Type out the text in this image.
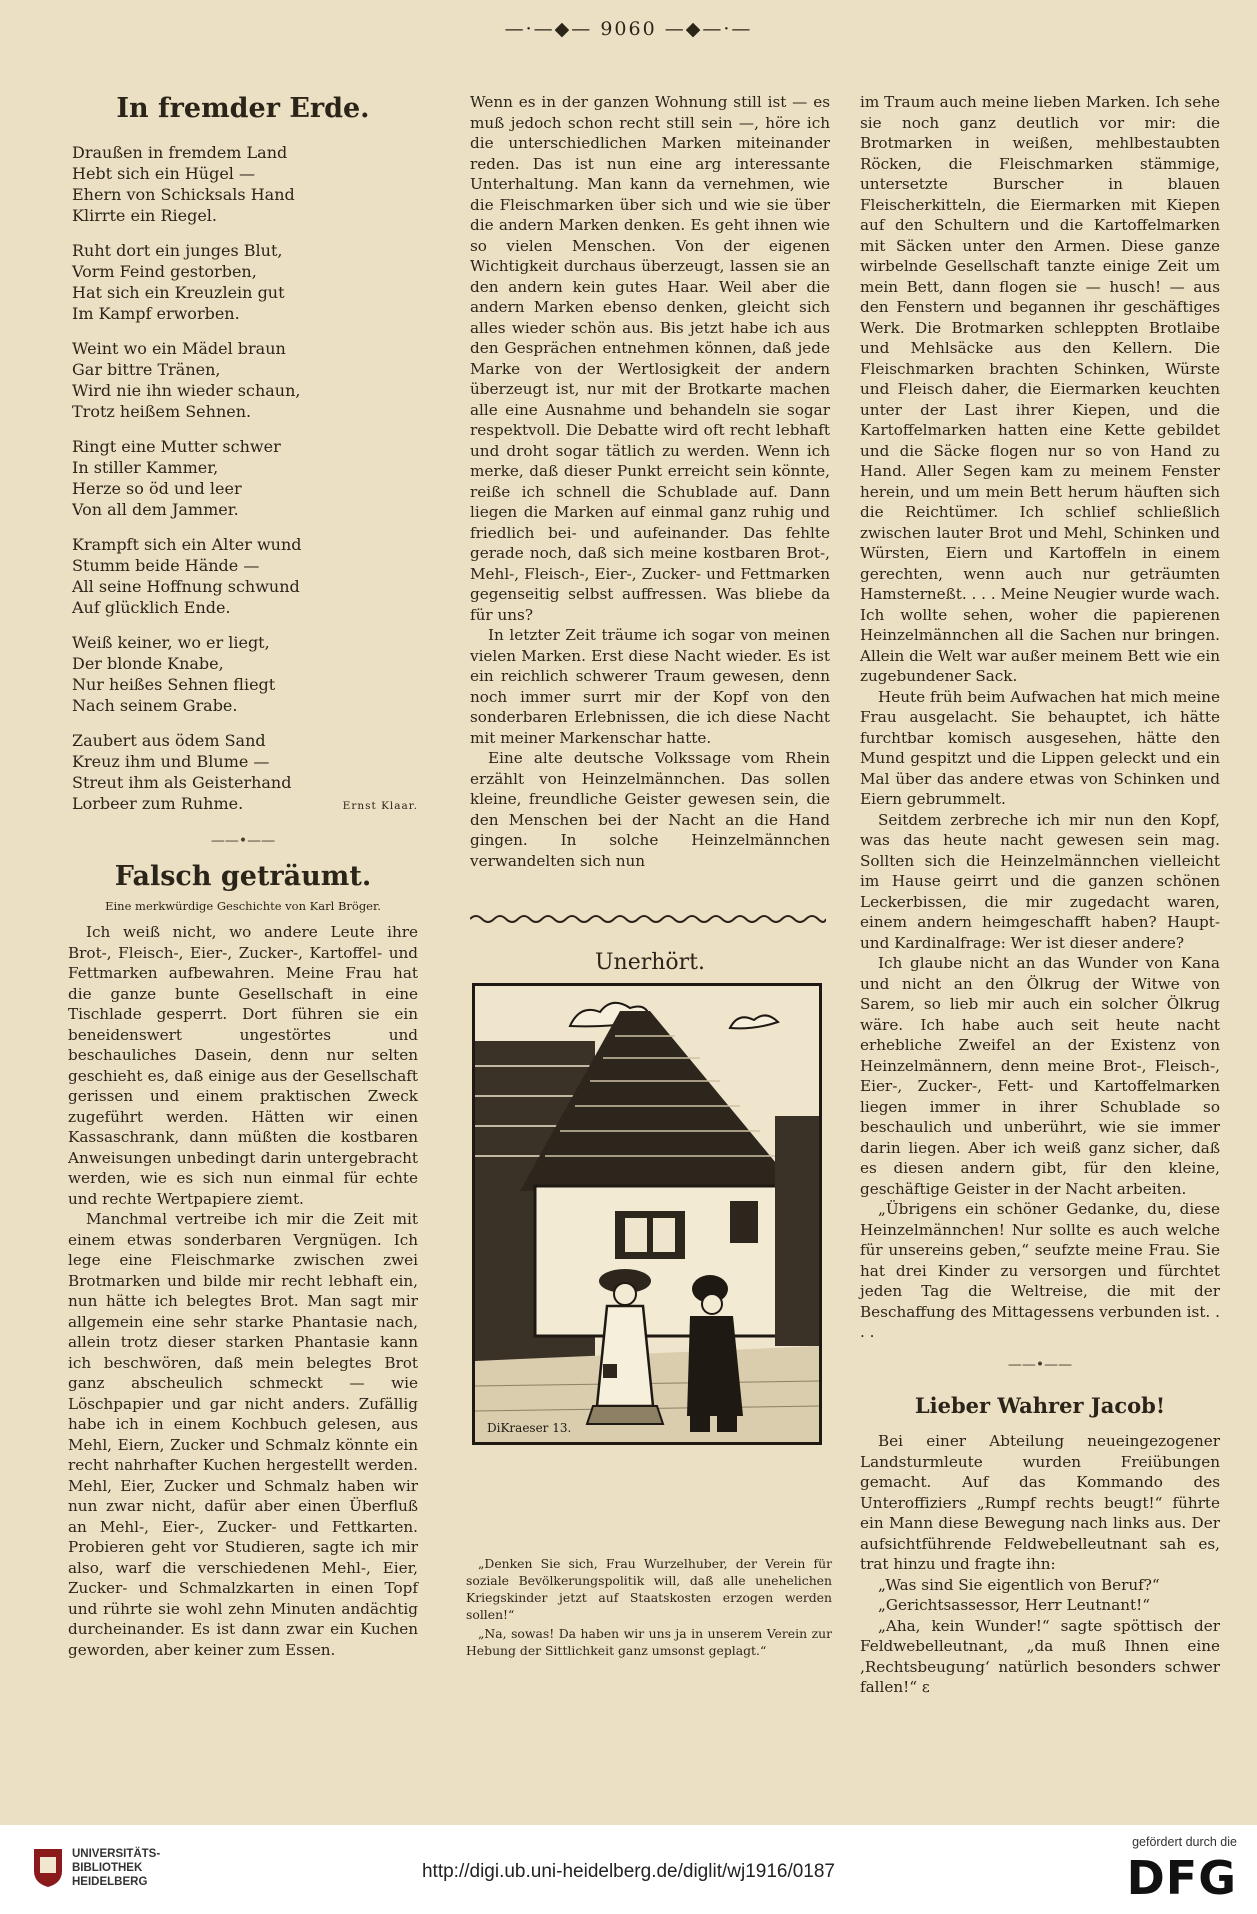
—·—◆— 9060 —◆—·—
In fremder Erde.
Draußen in fremdem Land
Hebt sich ein Hügel —
Ehern von Schicksals Hand
Klirrte ein Riegel.
Ruht dort ein junges Blut,
Vorm Feind gestorben,
Hat sich ein Kreuzlein gut
Im Kampf erworben.
Weint wo ein Mädel braun
Gar bittre Tränen,
Wird nie ihn wieder schaun,
Trotz heißem Sehnen.
Ringt eine Mutter schwer
In stiller Kammer,
Herze so öd und leer
Von all dem Jammer.
Krampft sich ein Alter wund
Stumm beide Hände —
All seine Hoffnung schwund
Auf glücklich Ende.
Weiß keiner, wo er liegt,
Der blonde Knabe,
Nur heißes Sehnen fliegt
Nach seinem Grabe.
Zaubert aus ödem Sand
Kreuz ihm und Blume —
Streut ihm als Geisterhand
Lorbeer zum Ruhme.	Ernst Klaar.
——•——
Falsch geträumt.
Eine merkwürdige Geschichte von Karl Bröger.

Ich weiß nicht, wo andere Leute ihre Brot-, Fleisch-, Eier-, Zucker-, Kartoffel- und Fettmarken aufbewahren. Meine Frau hat die ganze bunte Gesellschaft in eine Tischlade gesperrt. Dort führen sie ein beneidenswert ungestörtes und beschauliches Dasein, denn nur selten geschieht es, daß einige aus der Gesellschaft gerissen und einem praktischen Zweck zugeführt werden. Hätten wir einen Kassaschrank, dann müßten die kostbaren Anweisungen unbedingt darin untergebracht werden, wie es sich nun einmal für echte und rechte Wertpapiere ziemt.

Manchmal vertreibe ich mir die Zeit mit einem etwas sonderbaren Vergnügen. Ich lege eine Fleischmarke zwischen zwei Brotmarken und bilde mir recht lebhaft ein, nun hätte ich belegtes Brot. Man sagt mir allgemein eine sehr starke Phantasie nach, allein trotz dieser starken Phantasie kann ich beschwören, daß mein belegtes Brot ganz abscheulich schmeckt — wie Löschpapier und gar nicht anders. Zufällig habe ich in einem Kochbuch gelesen, aus Mehl, Eiern, Zucker und Schmalz könnte ein recht nahrhafter Kuchen hergestellt werden. Mehl, Eier, Zucker und Schmalz haben wir nun zwar nicht, dafür aber einen Überfluß an Mehl-, Eier-, Zucker- und Fettkarten. Probieren geht vor Studieren, sagte ich mir also, warf die verschiedenen Mehl-, Eier, Zucker- und Schmalzkarten in einen Topf und rührte sie wohl zehn Minuten andächtig durcheinander. Es ist dann zwar ein Kuchen geworden, aber keiner zum Essen.

Wenn es in der ganzen Wohnung still ist — es muß jedoch schon recht still sein —, höre ich die unterschiedlichen Marken miteinander reden. Das ist nun eine arg interessante Unterhaltung. Man kann da vernehmen, wie die Fleischmarken über sich und wie sie über die andern Marken denken. Es geht ihnen wie so vielen Menschen. Von der eigenen Wichtigkeit durchaus überzeugt, lassen sie an den andern kein gutes Haar. Weil aber die andern Marken ebenso denken, gleicht sich alles wieder schön aus. Bis jetzt habe ich aus den Gesprächen entnehmen können, daß jede Marke von der Wertlosigkeit der andern überzeugt ist, nur mit der Brotkarte machen alle eine Ausnahme und behandeln sie sogar respektvoll. Die Debatte wird oft recht lebhaft und droht sogar tätlich zu werden. Wenn ich merke, daß dieser Punkt erreicht sein könnte, reiße ich schnell die Schublade auf. Dann liegen die Marken auf einmal ganz ruhig und friedlich bei- und aufeinander. Das fehlte gerade noch, daß sich meine kostbaren Brot-, Mehl-, Fleisch-, Eier-, Zucker- und Fettmarken gegenseitig selbst auffressen. Was bliebe da für uns?

In letzter Zeit träume ich sogar von meinen vielen Marken. Erst diese Nacht wieder. Es ist ein reichlich schwerer Traum gewesen, denn noch immer surrt mir der Kopf von den sonderbaren Erlebnissen, die ich diese Nacht mit meiner Markenschar hatte.

Eine alte deutsche Volkssage vom Rhein erzählt von Heinzelmännchen. Das sollen kleine, freundliche Geister gewesen sein, die den Menschen bei der Nacht an die Hand gingen. In solche Heinzelmännchen verwandelten sich nun

Unerhört.
DiKraeser 13.

„Denken Sie sich, Frau Wurzelhuber, der Verein für soziale Bevölkerungspolitik will, daß alle unehelichen Kriegskinder jetzt auf Staatskosten erzogen werden sollen!“

„Na, sowas! Da haben wir uns ja in unserem Verein zur Hebung der Sittlichkeit ganz umsonst geplagt.“

im Traum auch meine lieben Marken. Ich sehe sie noch ganz deutlich vor mir: die Brotmarken in weißen, mehlbestaubten Röcken, die Fleischmarken stämmige, untersetzte Burscher in blauen Fleischerkitteln, die Eiermarken mit Kiepen auf den Schultern und die Kartoffelmarken mit Säcken unter den Armen. Diese ganze wirbelnde Gesellschaft tanzte einige Zeit um mein Bett, dann flogen sie — husch! — aus den Fenstern und begannen ihr geschäftiges Werk. Die Brotmarken schleppten Brotlaibe und Mehlsäcke aus den Kellern. Die Fleischmarken brachten Schinken, Würste und Fleisch daher, die Eiermarken keuchten unter der Last ihrer Kiepen, und die Kartoffelmarken hatten eine Kette gebildet und die Säcke flogen nur so von Hand zu Hand. Aller Segen kam zu meinem Fenster herein, und um mein Bett herum häuften sich die Reichtümer. Ich schlief schließlich zwischen lauter Brot und Mehl, Schinken und Würsten, Eiern und Kartoffeln in einem gerechten, wenn auch nur geträumten Hamsterneßt. . . . Meine Neugier wurde wach. Ich wollte sehen, woher die papierenen Heinzelmännchen all die Sachen nur bringen. Allein die Welt war außer meinem Bett wie ein zugebundener Sack.

Heute früh beim Aufwachen hat mich meine Frau ausgelacht. Sie behauptet, ich hätte furchtbar komisch ausgesehen, hätte den Mund gespitzt und die Lippen geleckt und ein Mal über das andere etwas von Schinken und Eiern gebrummelt.

Seitdem zerbreche ich mir nun den Kopf, was das heute nacht gewesen sein mag. Sollten sich die Heinzelmännchen vielleicht im Hause geirrt und die ganzen schönen Leckerbissen, die mir zugedacht waren, einem andern heimgeschafft haben? Haupt- und Kardinalfrage: Wer ist dieser andere?

Ich glaube nicht an das Wunder von Kana und nicht an den Ölkrug der Witwe von Sarem, so lieb mir auch ein solcher Ölkrug wäre. Ich habe auch seit heute nacht erhebliche Zweifel an der Existenz von Heinzelmännern, denn meine Brot-, Fleisch-, Eier-, Zucker-, Fett- und Kartoffelmarken liegen immer in ihrer Schublade so beschaulich und unberührt, wie sie immer darin liegen. Aber ich weiß ganz sicher, daß es diesen andern gibt, für den kleine, geschäftige Geister in der Nacht arbeiten.

„Übrigens ein schöner Gedanke, du, diese Heinzelmännchen! Nur sollte es auch welche für unsereins geben,“ seufzte meine Frau. Sie hat drei Kinder zu versorgen und fürchtet jeden Tag die Weltreise, die mit der Beschaffung des Mittagessens verbunden ist. . . .

——•——
Lieber Wahrer Jacob!

Bei einer Abteilung neueingezogener Landsturmleute wurden Freiübungen gemacht. Auf das Kommando des Unteroffiziers „Rumpf rechts beugt!“ führte ein Mann diese Bewegung nach links aus. Der aufsichtführende Feldwebelleutnant sah es, trat hinzu und fragte ihn:

„Was sind Sie eigentlich von Beruf?“

„Gerichtsassessor, Herr Leutnant!“

„Aha, kein Wunder!“ sagte spöttisch der Feldwebelleutnant, „da muß Ihnen eine ‚Rechtsbeugung‘ natürlich besonders schwer fallen!“ ε

UNIVERSITÄTS-
BIBLIOTHEK
HEIDELBERG	http://digi.ub.uni-heidelberg.de/diglit/wj1916/0187
gefördert durch die
DFG
